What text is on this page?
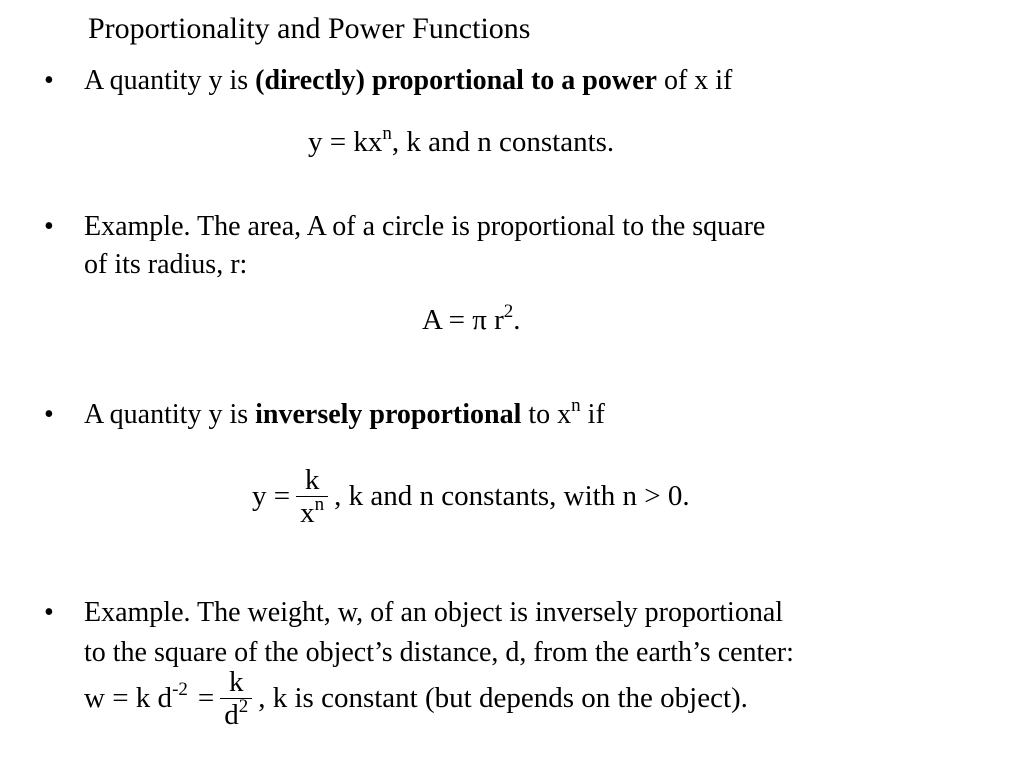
Proportionality and Power Functions
• A quantity y is (directly) proportional to a power of x if
$y = kx^n$, k and n constants.
• Example. The area, A of a circle is proportional to the square
of its radius, r:
A = π $r^2$.
• A quantity y is inversely proportional to $x^n$ if
$y = \frac{k}{x^n}$ , k and n constants, with n > 0.
• Example. The weight, w, of an object is inversely proportional
to the square of the object’s distance, d, from the earth’s center:
w = k $d^{-2} = \frac{k}{d^2}$ , k is constant (but depends on the object).
